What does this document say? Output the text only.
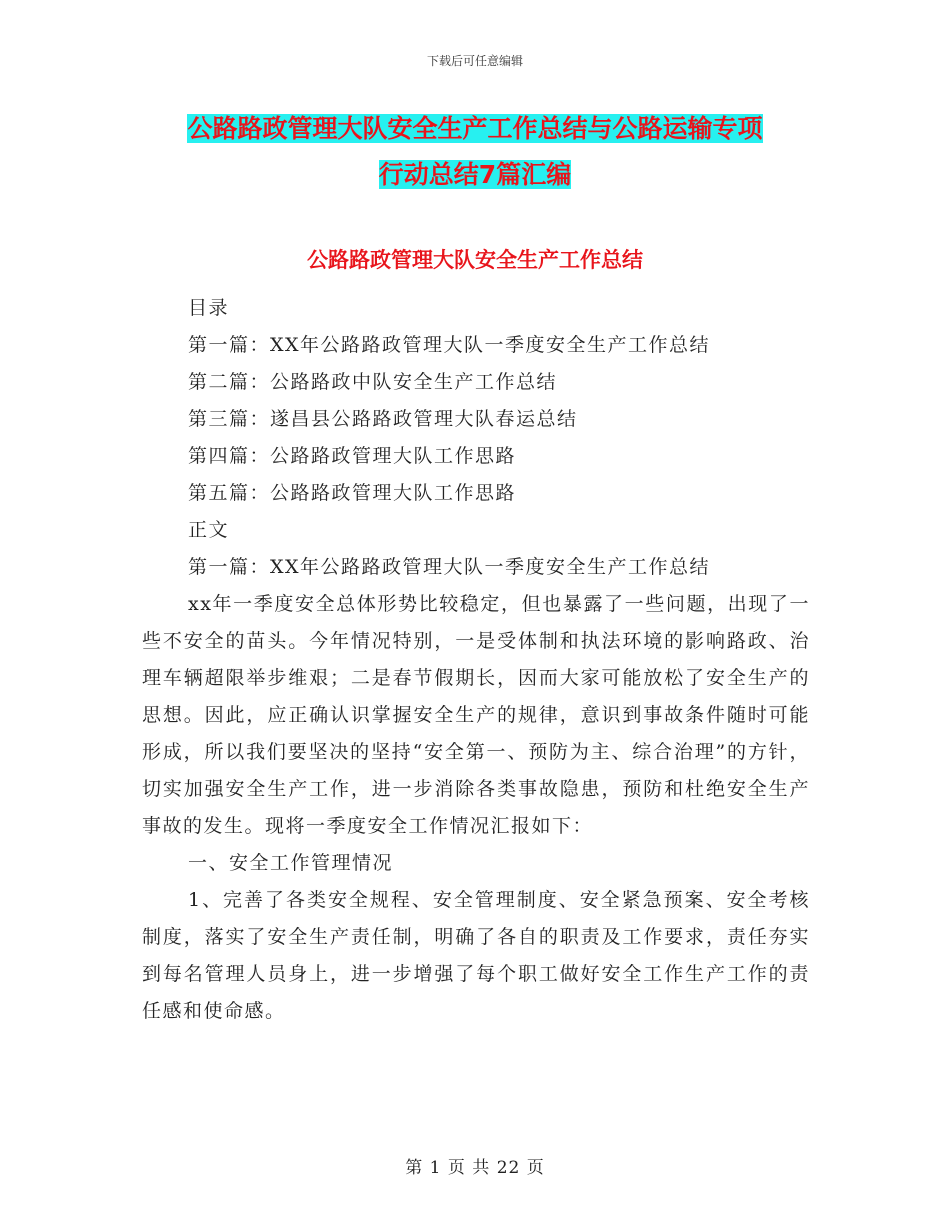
下载后可任意编辑
公路路政管理大队安全生产工作总结与公路运输专项
行动总结7篇汇编
公路路政管理大队安全生产工作总结

目录

第一篇：XX年公路路政管理大队一季度安全生产工作总结

第二篇：公路路政中队安全生产工作总结

第三篇：遂昌县公路路政管理大队春运总结

第四篇：公路路政管理大队工作思路

第五篇：公路路政管理大队工作思路

正文

第一篇：XX年公路路政管理大队一季度安全生产工作总结

xx年一季度安全总体形势比较稳定，但也暴露了一些问题，出现了一些不安全的苗头。今年情况特别，一是受体制和执法环境的影响路政、治理车辆超限举步维艰；二是春节假期长，因而大家可能放松了安全生产的思想。因此，应正确认识掌握安全生产的规律，意识到事故条件随时可能形成，所以我们要坚决的坚持“安全第一、预防为主、综合治理”的方针，切实加强安全生产工作，进一步消除各类事故隐患，预防和杜绝安全生产事故的发生。现将一季度安全工作情况汇报如下：

一、安全工作管理情况

1、完善了各类安全规程、安全管理制度、安全紧急预案、安全考核制度，落实了安全生产责任制，明确了各自的职责及工作要求，责任夯实到每名管理人员身上，进一步增强了每个职工做好安全工作生产工作的责任感和使命感。

第 1 页 共 22 页
